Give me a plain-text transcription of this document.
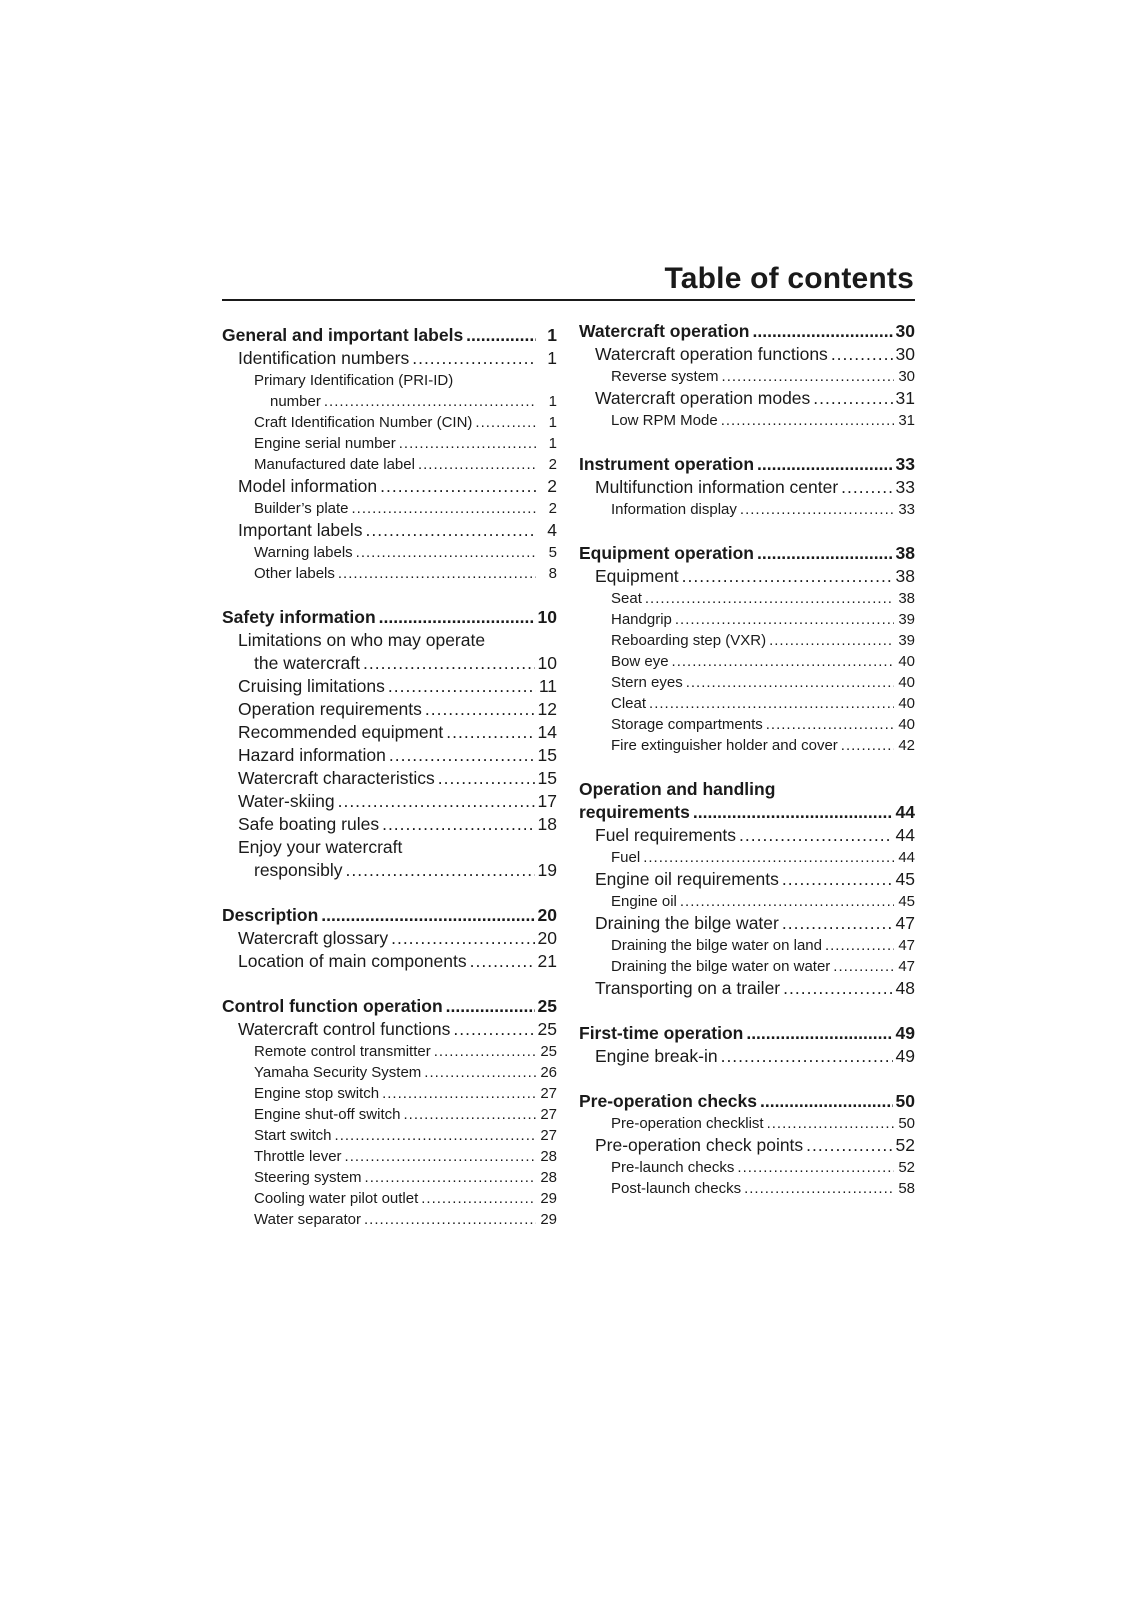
Table of contents
General and important labels .....	1
Identification numbers .....	1
Primary Identification (PRI-ID)
number .....	1
Craft Identification Number (CIN) .....	1
Engine serial number .....	1
Manufactured date label .....	2
Model information .....	2
Builder’s plate .....	2
Important labels .....	4
Warning labels .....	5
Other labels .....	8
Safety information .....	10
Limitations on who may operate
the watercraft .....	10
Cruising limitations .....	11
Operation requirements .....	12
Recommended equipment .....	14
Hazard information .....	15
Watercraft characteristics .....	15
Water-skiing .....	17
Safe boating rules .....	18
Enjoy your watercraft
responsibly .....	19
Description .....	20
Watercraft glossary .....	20
Location of main components .....	21
Control function operation .....	25
Watercraft control functions .....	25
Remote control transmitter .....	25
Yamaha Security System .....	26
Engine stop switch .....	27
Engine shut-off switch .....	27
Start switch .....	27
Throttle lever .....	28
Steering system .....	28
Cooling water pilot outlet .....	29
Water separator .....	29
Watercraft operation .....	30
Watercraft operation functions .....	30
Reverse system .....	30
Watercraft operation modes .....	31
Low RPM Mode .....	31
Instrument operation .....	33
Multifunction information center .....	33
Information display .....	33
Equipment operation .....	38
Equipment .....	38
Seat .....	38
Handgrip .....	39
Reboarding step (VXR) .....	39
Bow eye .....	40
Stern eyes .....	40
Cleat .....	40
Storage compartments .....	40
Fire extinguisher holder and cover .....	42
Operation and handling
requirements .....	44
Fuel requirements .....	44
Fuel .....	44
Engine oil requirements .....	45
Engine oil .....	45
Draining the bilge water .....	47
Draining the bilge water on land .....	47
Draining the bilge water on water .....	47
Transporting on a trailer .....	48
First-time operation .....	49
Engine break-in .....	49
Pre-operation checks .....	50
Pre-operation checklist .....	50
Pre-operation check points .....	52
Pre-launch checks .....	52
Post-launch checks .....	58
